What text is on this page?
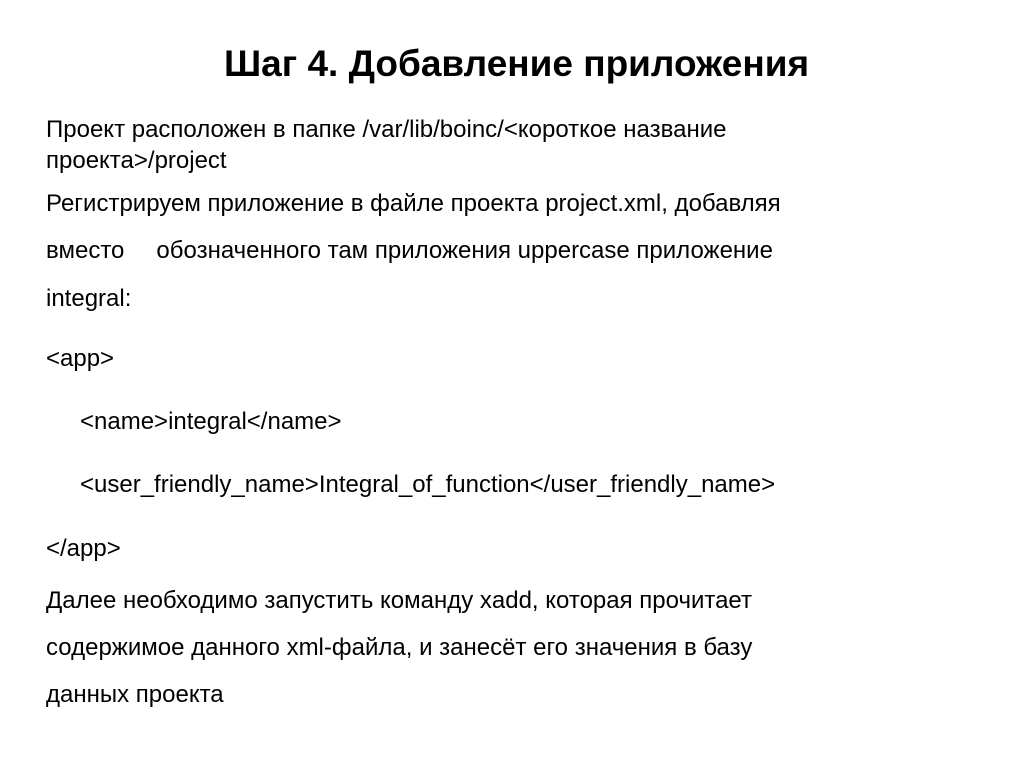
Шаг 4. Добавление приложения
Проект расположен в папке /var/lib/boinc/<короткое название
проекта>/project
Регистрируем приложение в файле проекта project.xml, добавляя
вместо обозначенного там приложения uppercase приложение
integral:
<app>
<name>integral</name>
<user_friendly_name>Integral_of_function</user_friendly_name>
</app>
Далее необходимо запустить команду xadd, которая прочитает
содержимое данного xml-файла, и занесёт его значения в базу
данных проекта
